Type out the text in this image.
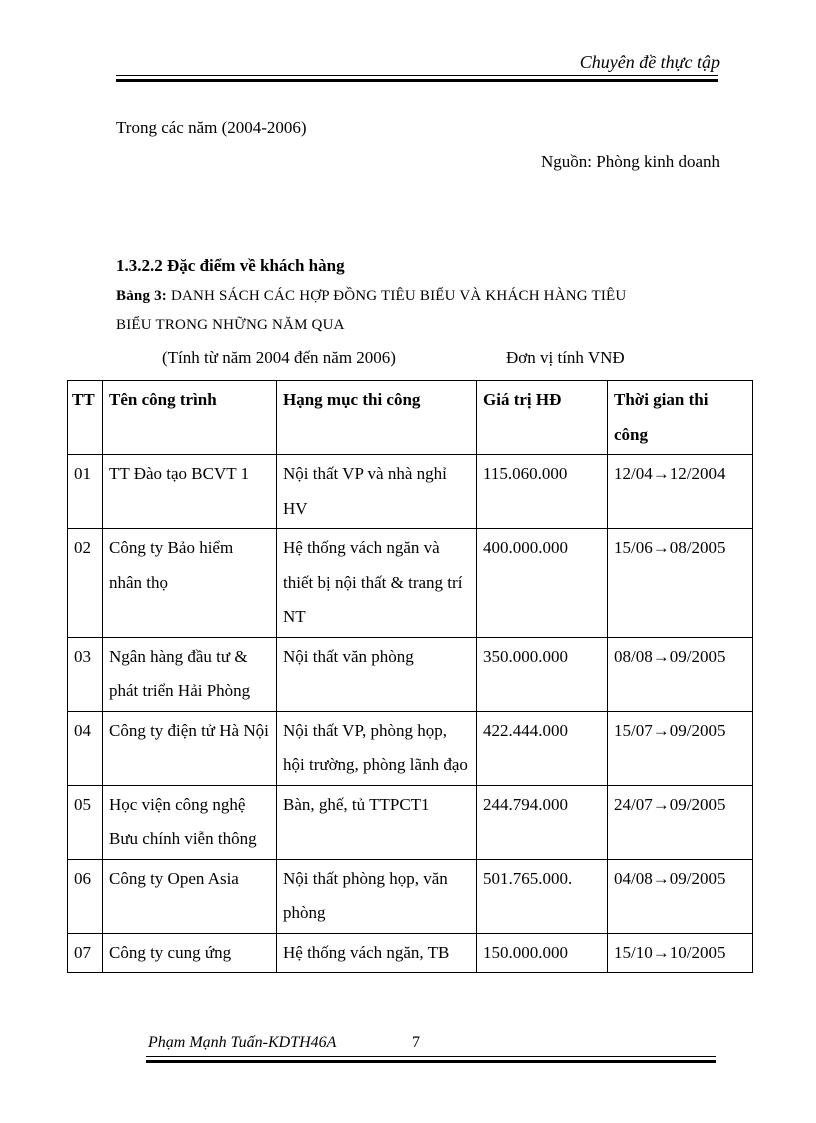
Chuyên đề thực tập
Trong các năm (2004-2006)
Nguồn: Phòng kinh doanh
1.3.2.2 Đặc điểm về khách hàng
Bảng 3: DANH SÁCH CÁC HỢP ĐỒNG TIÊU BIỂU VÀ KHÁCH HÀNG TIÊU
BIỂU TRONG NHỮNG NĂM QUA
(Tính từ năm 2004 đến năm 2006)	Đơn vị tính VNĐ
TT	Tên công trình	Hạng mục thi công	Giá trị HĐ	Thời gian thi công
01	TT Đào tạo BCVT 1	Nội thất VP và nhà nghỉ HV	115.060.000	12/04→12/2004
02	Công ty Bảo hiểm nhân thọ	Hệ thống vách ngăn và thiết bị nội thất & trang trí NT	400.000.000	15/06→08/2005
03	Ngân hàng đầu tư & phát triển Hải Phòng	Nội thất văn phòng	350.000.000	08/08→09/2005
04	Công ty điện tử Hà Nội	Nội thất VP, phòng họp, hội trường, phòng lãnh đạo	422.444.000	15/07→09/2005
05	Học viện công nghệ Bưu chính viễn thông	Bàn, ghế, tủ TTPCT1	244.794.000	24/07→09/2005
06	Công ty Open Asia	Nội thất phòng họp, văn phòng	501.765.000.	04/08→09/2005
07	Công ty cung ứng	Hệ thống vách ngăn, TB	150.000.000	15/10→10/2005
Phạm Mạnh Tuấn-KDTH46A	7
